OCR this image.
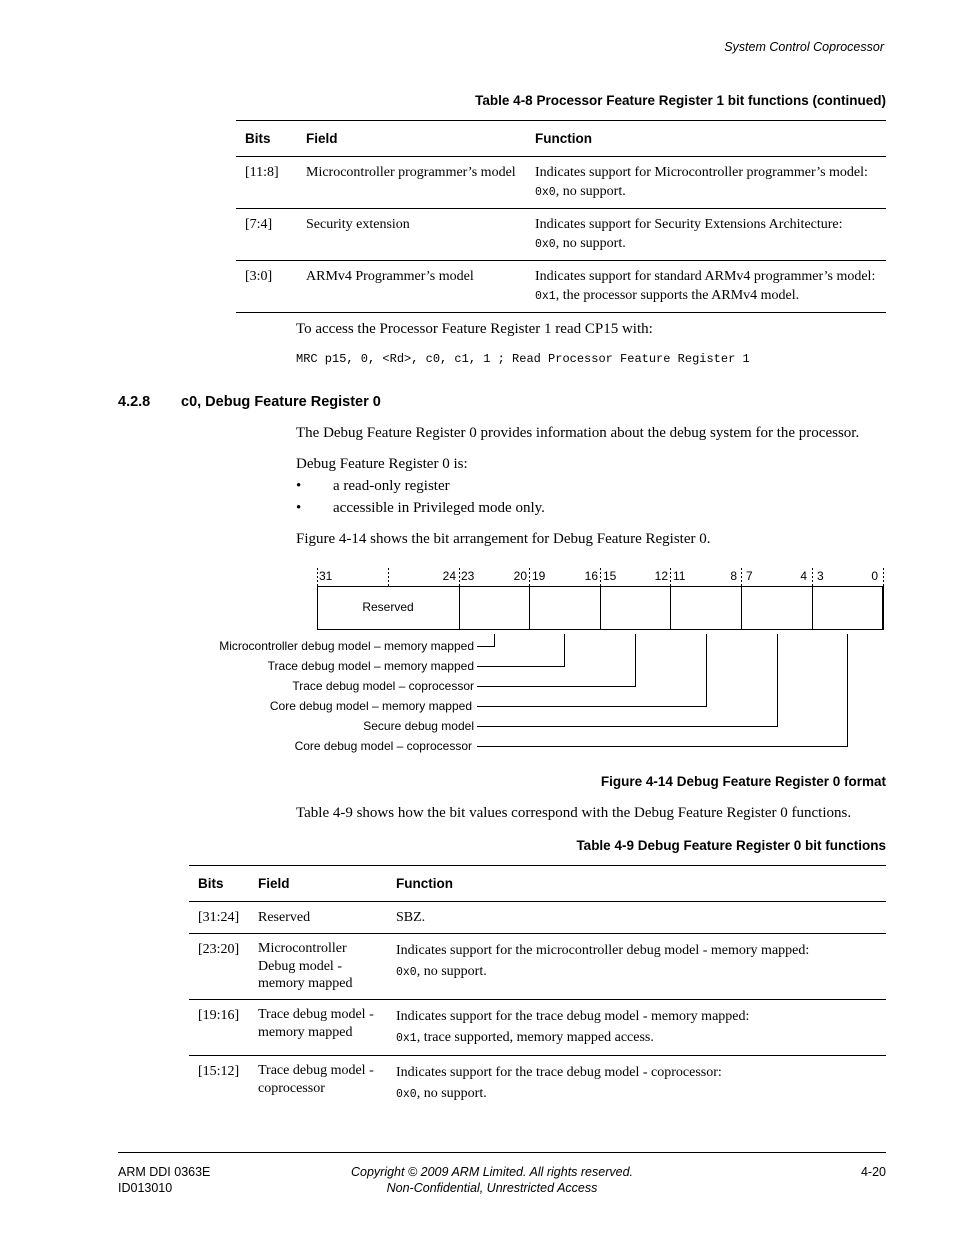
System Control Coprocessor
Table 4-8 Processor Feature Register 1 bit functions (continued)
Bits	Field	Function
[11:8]	Microcontroller programmer’s model	Indicates support for Microcontroller programmer’s model:
0x0, no support.
[7:4]	Security extension	Indicates support for Security Extensions Architecture:
0x0, no support.
[3:0]	ARMv4 Programmer’s model	Indicates support for standard ARMv4 programmer’s model:
0x1, the processor supports the ARMv4 model.
To access the Processor Feature Register 1 read CP15 with:
MRC p15, 0, <Rd>, c0, c1, 1 ; Read Processor Feature Register 1
4.2.8 c0, Debug Feature Register 0
The Debug Feature Register 0 provides information about the debug system for the processor.
Debug Feature Register 0 is:
• a read-only register
• accessible in Privileged mode only.
Figure 4-14 shows the bit arrangement for Debug Feature Register 0.
31	24 23	20 19	16 15	12 11	8 7	4 3	0
Reserved
Microcontroller debug model – memory mapped
Trace debug model – memory mapped
Trace debug model – coprocessor
Core debug model – memory mapped
Secure debug model
Core debug model – coprocessor
Figure 4-14 Debug Feature Register 0 format
Table 4-9 shows how the bit values correspond with the Debug Feature Register 0 functions.
Table 4-9 Debug Feature Register 0 bit functions
Bits	Field	Function
[31:24]	Reserved	SBZ.
[23:20]	Microcontroller
Debug model -
memory mapped	Indicates support for the microcontroller debug model - memory mapped:
0x0, no support.
[19:16]	Trace debug model -
memory mapped	Indicates support for the trace debug model - memory mapped:
0x1, trace supported, memory mapped access.
[15:12]	Trace debug model -
coprocessor	Indicates support for the trace debug model - coprocessor:
0x0, no support.
ARM DDI 0363E
ID013010
Copyright © 2009 ARM Limited. All rights reserved.
Non-Confidential, Unrestricted Access
4-20
